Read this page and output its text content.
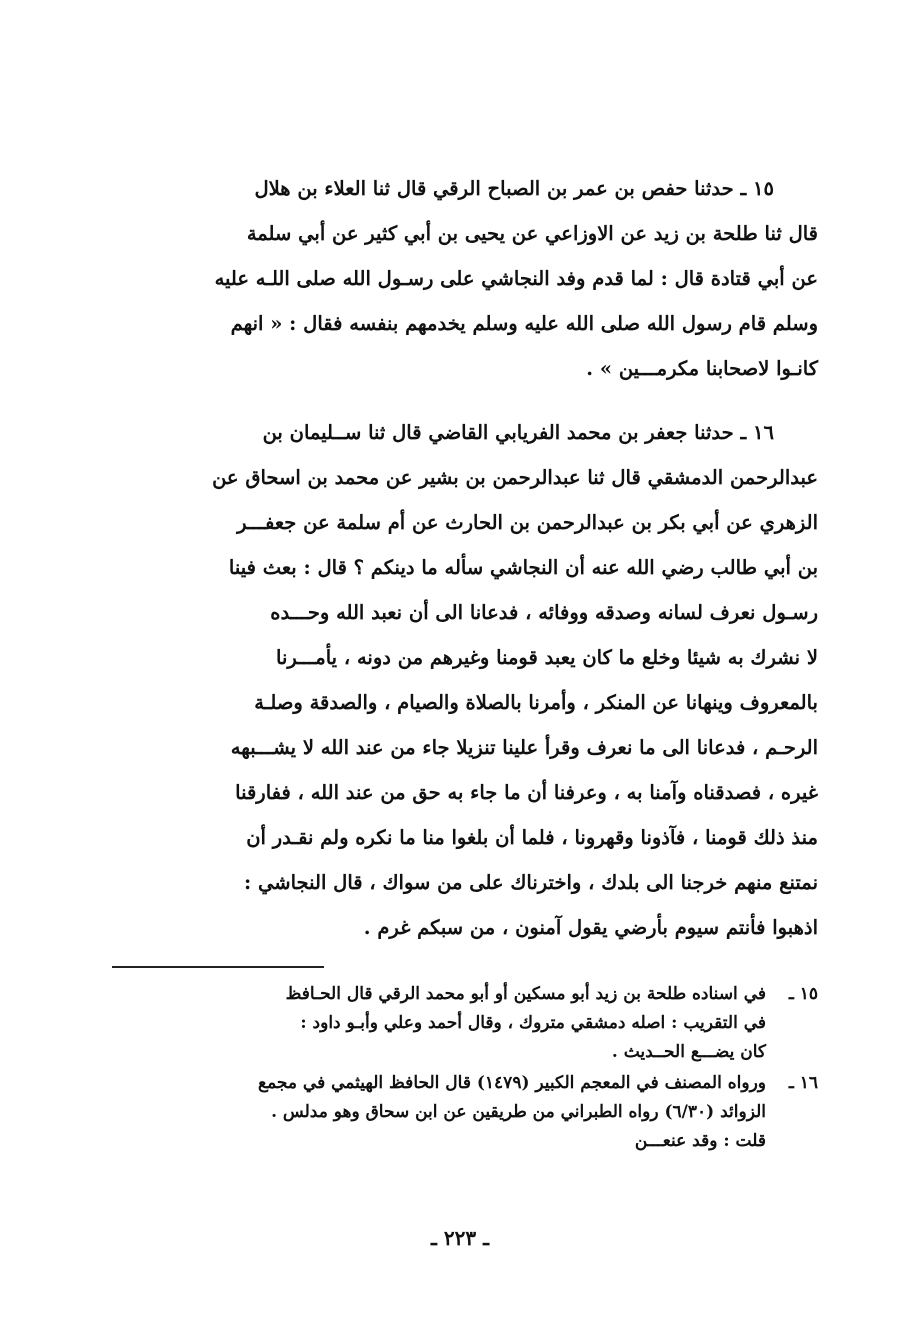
١٥ ـ حدثنا حفص بن عمر بن الصباح الرقي قال ثنا العلاء بن هلال

قال ثنا طلحة بن زيد عن الاوزاعي عن يحيى بن أبي كثير عن أبي سلمة

عن أبي قتادة قال : لما قدم وفد النجاشي على رسـول الله صلى اللـه عليه

وسلم قام رسول الله صلى الله عليه وسلم يخدمهم بنفسه فقال : « انهم

كانـوا لاصحابنا مكرمـــين » .

١٦ ـ حدثنا جعفر بن محمد الفريابي القاضي قال ثنا ســليمان بن

عبدالرحمن الدمشقي قال ثنا عبدالرحمن بن بشير عن محمد بن اسحاق عن

الزهري عن أبي بكر بن عبدالرحمن بن الحارث عن أم سلمة عن جعفـــر

بن أبي طالب رضي الله عنه أن النجاشي سأله ما دينكم ؟ قال : بعث فينا

رسـول نعرف لسانه وصدقه ووفائه ، فدعانا الى أن نعبد الله وحـــده

لا نشرك به شيئا وخلع ما كان يعبد قومنا وغيرهم من دونه ، يأمـــرنا

بالمعروف وينهانا عن المنكر ، وأمرنا بالصلاة والصيام ، والصدقة وصلـة

الرحـم ، فدعانا الى ما نعرف وقرأ علينا تنزيلا جاء من عند الله لا يشـــبهه

غيره ، فصدقناه وآمنا به ، وعرفنا أن ما جاء به حق من عند الله ، ففارقنا

منذ ذلك قومنا ، فآذونا وقهرونا ، فلما أن بلغوا منا ما نكره ولم نقـدر أن

نمتنع منهم خرجنا الى بلدك ، واخترناك على من سواك ، قال النجاشي :

اذهبوا فأنتم سيوم بأرضي يقول آمنون ، من سبكم غرم .

١٥ ـ
في اسناده طلحة بن زيد أبو مسكين أو أبو محمد الرقي قال الحـافظ
في التقريب : اصله دمشقي متروك ، وقال أحمد وعلي وأبـو داود :
كان يضـــع الحــديث .
١٦ ـ
ورواه المصنف في المعجم الكبير (١٤٧٩) قال الحافظ الهيثمي في مجمع
الزوائد (٦/٣٠) رواه الطبراني من طريقين عن ابن سحاق وهو مدلس .
قلت : وقد عنعـــن
ـ ٢٢٣ ـ
